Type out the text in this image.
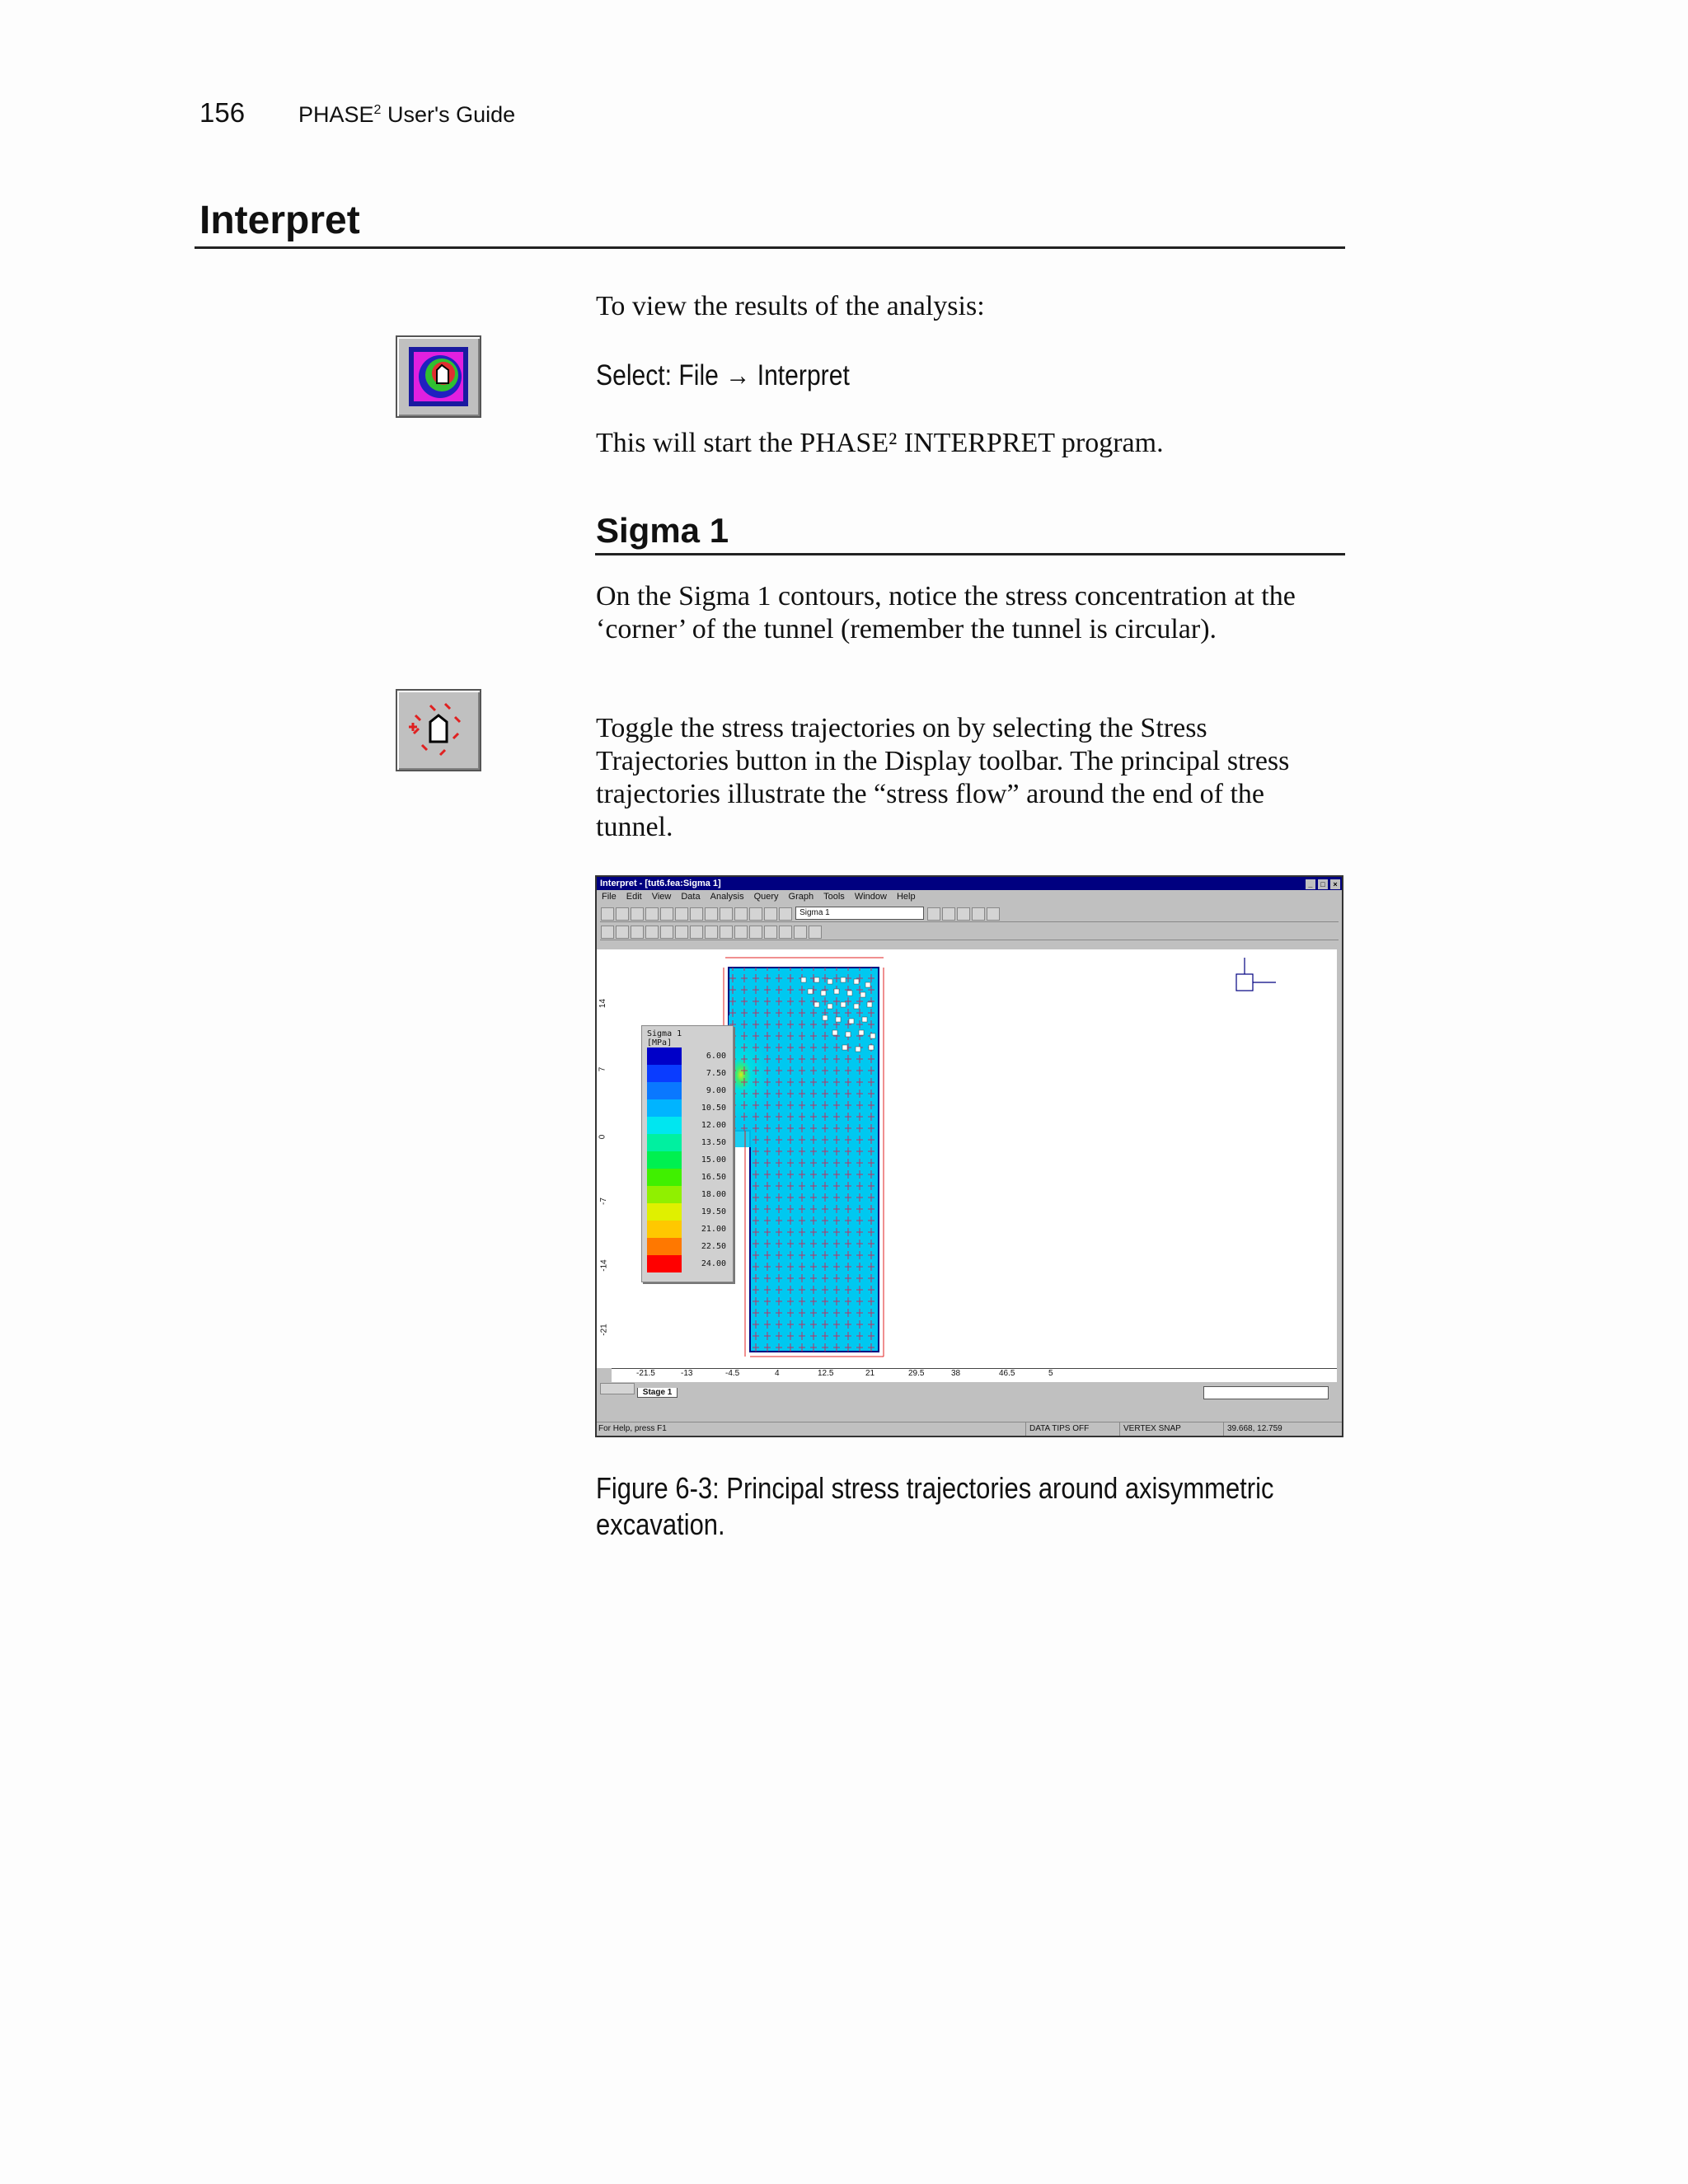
156 PHASE$^2$ User's Guide
Interpret
To view the results of the analysis:
Select: File → Interpret
This will start the PHASE² INTERPRET program.
Sigma 1
On the Sigma 1 contours, notice the stress concentration at the ‘corner’ of the tunnel (remember the tunnel is circular).
Toggle the stress trajectories on by selecting the Stress Trajectories button in the Display toolbar. The principal stress trajectories illustrate the “stress flow” around the end of the tunnel.
Interpret - [tut6.fea:Sigma 1]	_ □ ×
File Edit View Data Analysis Query Graph Tools Window Help
Sigma 1
14
7
0
-7
-14
-21
Sigma 1
[MPa]
6.00
7.50
9.00
10.50
12.00
13.50
15.00
16.50
18.00
19.50
21.00
22.50
24.00
-21.5	-13	-4.5	4	12.5	21	29.5	38	46.5	5
Stage 1
For Help, press F1	DATA TIPS OFF	VERTEX SNAP	39.668, 12.759
Figure 6-3: Principal stress trajectories around axisymmetric excavation.
